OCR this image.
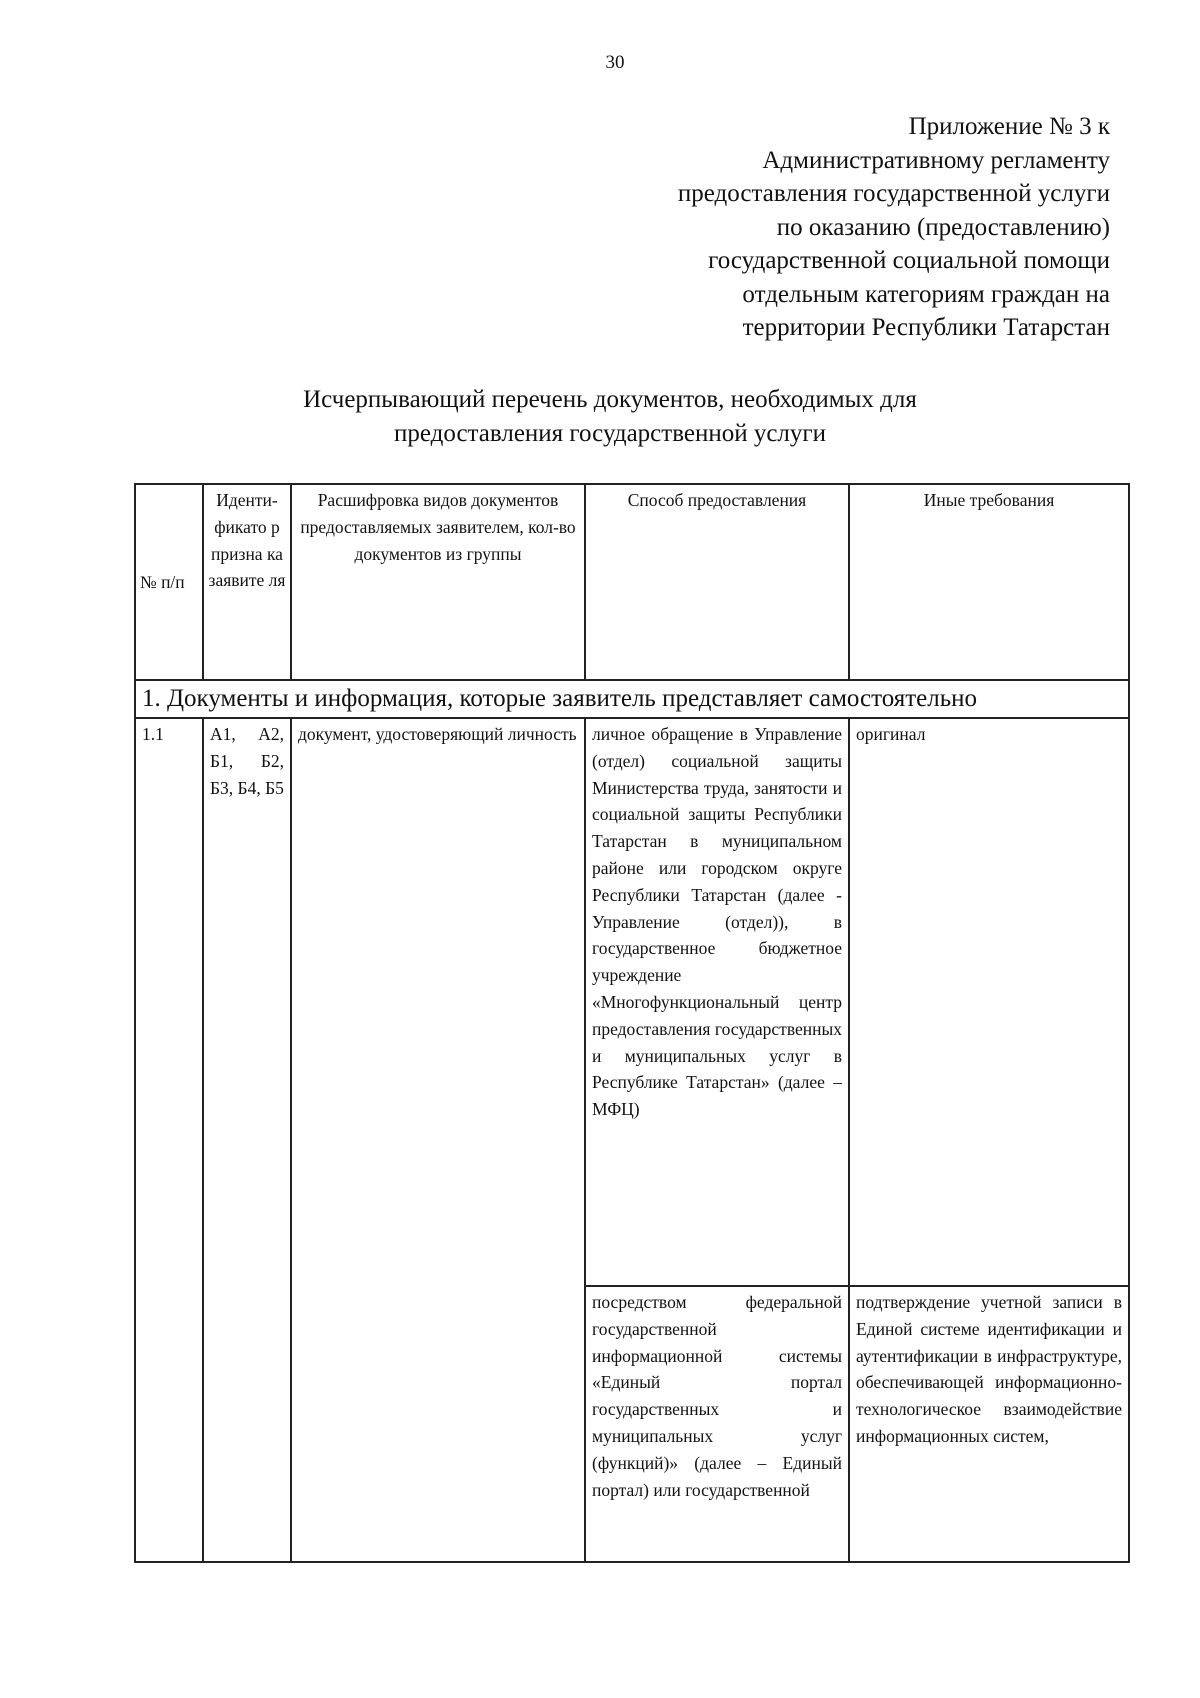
30
Приложение № 3 к
Административному регламенту
предоставления государственной услуги
по оказанию (предоставлению)
государственной социальной помощи
отдельным категориям граждан на
территории Республики Татарстан
Исчерпывающий перечень документов, необходимых для
предоставления государственной услуги
№ п/п	Идентификато р призна ка заявите ля	Расшифровка видов документов предоставляемых заявителем, кол-во документов из группы	Способ предоставления	Иные требования
1. Документы и информация, которые заявитель представляет самостоятельно				
1.1	А1, А2, Б1, Б2, Б3, Б4, Б5	документ, удостоверяющий личность	личное обращение в Управление (отдел) социальной защиты Министерства труда, занятости и социальной защиты Республики Татарстан в муниципальном районе или городском округе Республики Татарстан (далее - Управление (отдел)), в государственное бюджетное учреждение «Многофункциональный центр предоставления государственных и муниципальных услуг в Республике Татарстан» (далее – МФЦ)	оригинал
			посредством федеральной государственной информационной системы «Единый портал государственных и муниципальных услуг (функций)» (далее – Единый портал) или государственной	подтверждение учетной записи в Единой системе идентификации и аутентификации в инфраструктуре, обеспечивающей информационно-технологическое взаимодействие информационных систем,
